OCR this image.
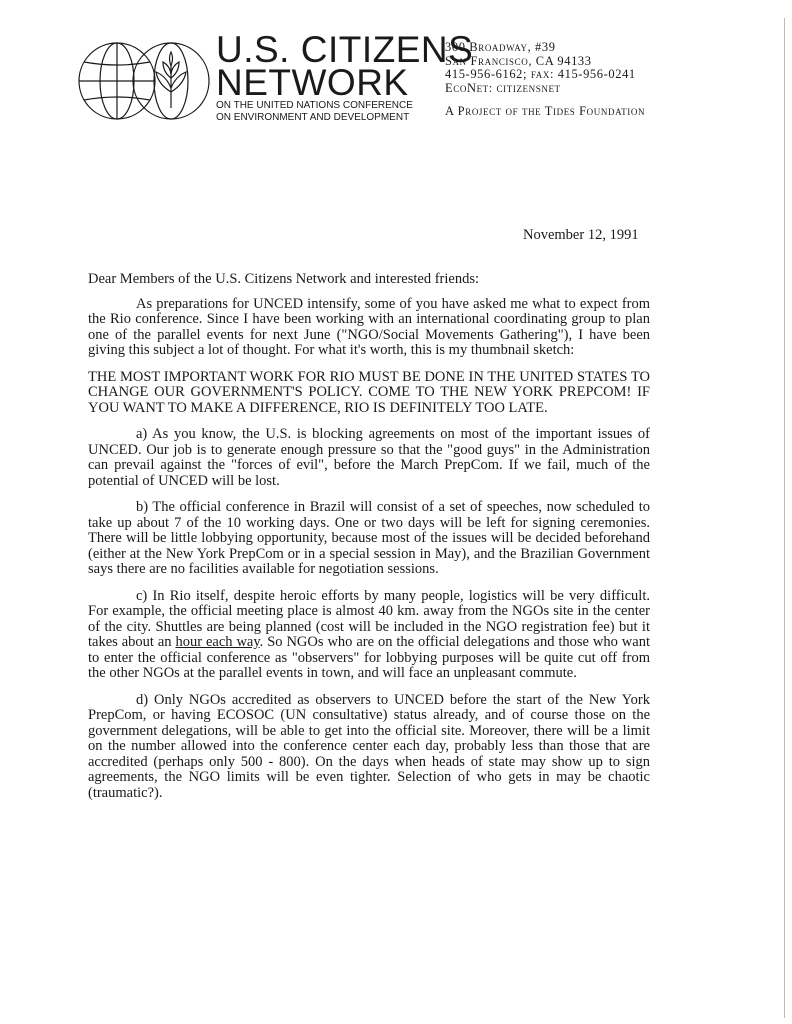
U.S. CITIZENS
NETWORK
ON THE UNITED NATIONS CONFERENCE
ON ENVIRONMENT AND DEVELOPMENT
300 Broadway, #39
San Francisco, CA 94133
415-956-6162; fax: 415-956-0241
EcoNet: citizensnet
A Project of the Tides Foundation
November 12, 1991

Dear Members of the U.S. Citizens Network and interested friends:

As preparations for UNCED intensify, some of you have asked me what to expect from the Rio conference. Since I have been working with an international coordinating group to plan one of the parallel events for next June ("NGO/Social Movements Gathering"), I have been giving this subject a lot of thought. For what it's worth, this is my thumbnail sketch:

THE MOST IMPORTANT WORK FOR RIO MUST BE DONE IN THE UNITED STATES TO CHANGE OUR GOVERNMENT'S POLICY. COME TO THE NEW YORK PREPCOM! IF YOU WANT TO MAKE A DIFFERENCE, RIO IS DEFINITELY TOO LATE.

a) As you know, the U.S. is blocking agreements on most of the important issues of UNCED. Our job is to generate enough pressure so that the "good guys" in the Administration can prevail against the "forces of evil", before the March PrepCom. If we fail, much of the potential of UNCED will be lost.

b) The official conference in Brazil will consist of a set of speeches, now scheduled to take up about 7 of the 10 working days. One or two days will be left for signing ceremonies. There will be little lobbying opportunity, because most of the issues will be decided beforehand (either at the New York PrepCom or in a special session in May), and the Brazilian Government says there are no facilities available for negotiation sessions.

c) In Rio itself, despite heroic efforts by many people, logistics will be very difficult. For example, the official meeting place is almost 40 km. away from the NGOs site in the center of the city. Shuttles are being planned (cost will be included in the NGO registration fee) but it takes about an hour each way. So NGOs who are on the official delegations and those who want to enter the official conference as "observers" for lobbying purposes will be quite cut off from the other NGOs at the parallel events in town, and will face an unpleasant commute.

d) Only NGOs accredited as observers to UNCED before the start of the New York PrepCom, or having ECOSOC (UN consultative) status already, and of course those on the government delegations, will be able to get into the official site. Moreover, there will be a limit on the number allowed into the conference center each day, probably less than those that are accredited (perhaps only 500 - 800). On the days when heads of state may show up to sign agreements, the NGO limits will be even tighter. Selection of who gets in may be chaotic (traumatic?).
